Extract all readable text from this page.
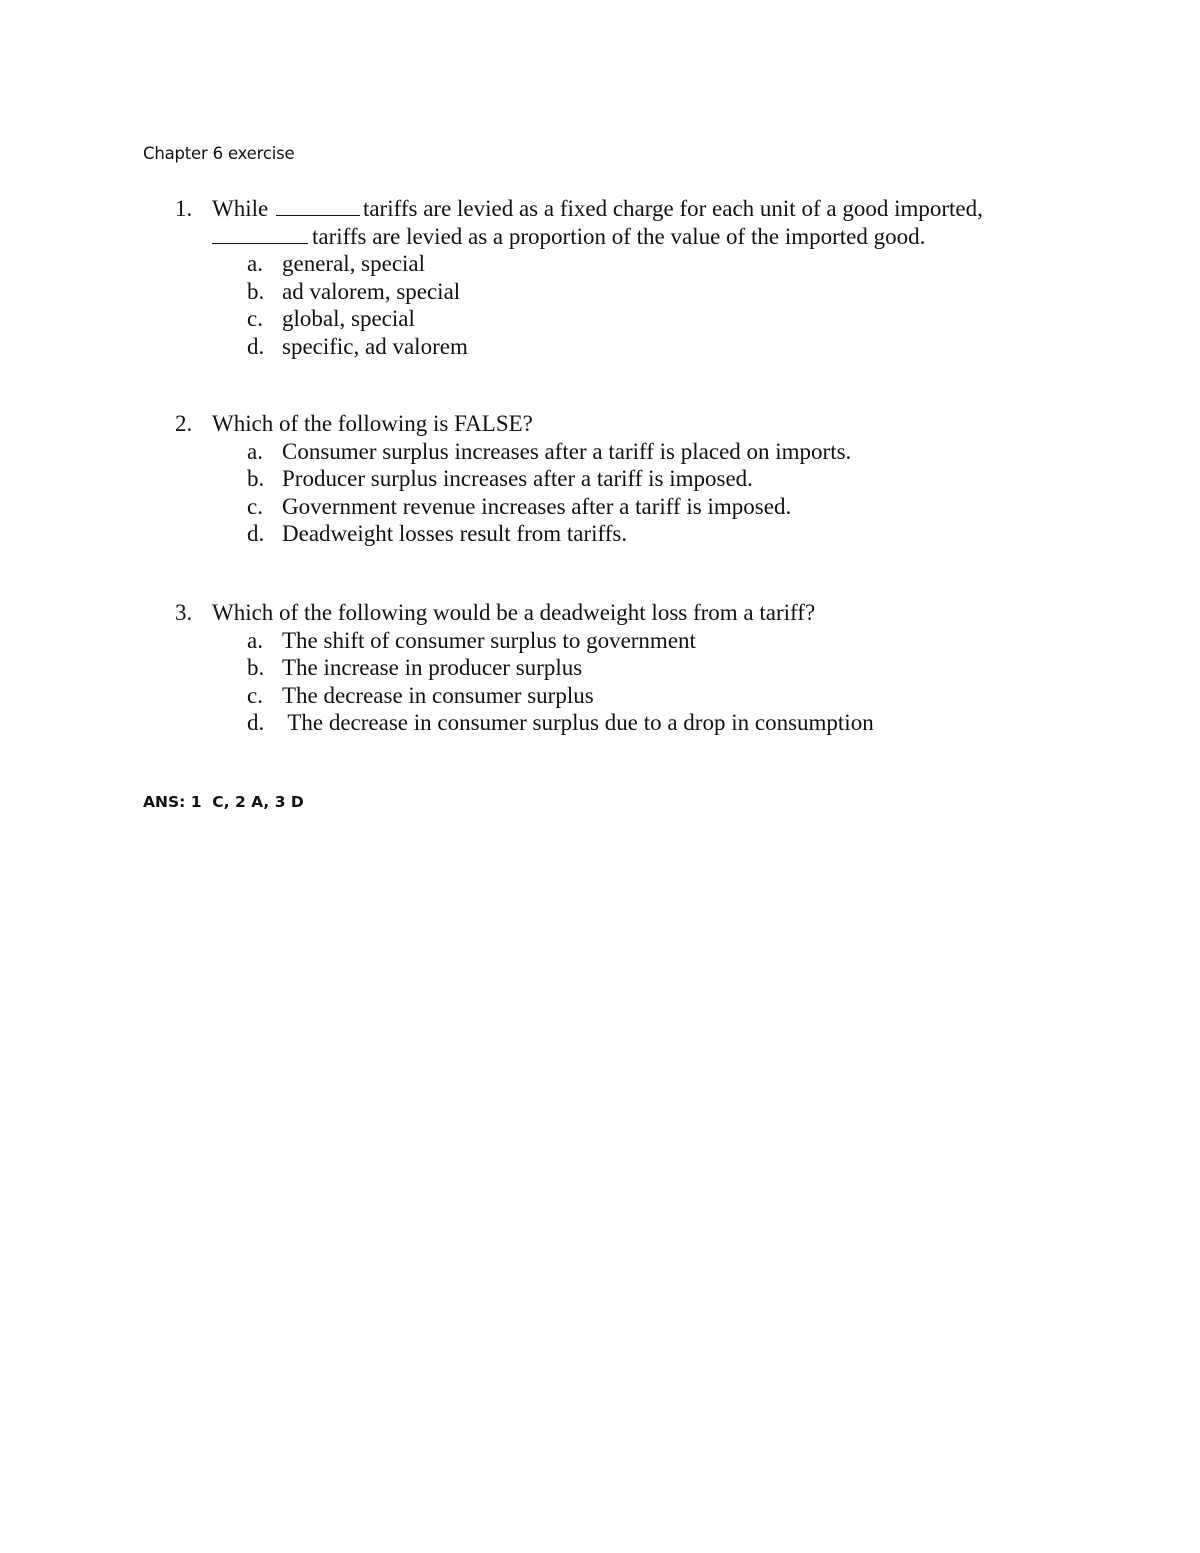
Chapter 6 exercise
1. While	tariffs are levied as a fixed charge for each unit of a good imported,
tariffs are levied as a proportion of the value of the imported good.
a. general, special
b. ad valorem, special
c. global, special
d. specific, ad valorem
2. Which of the following is FALSE?
a. Consumer surplus increases after a tariff is placed on imports.
b. Producer surplus increases after a tariff is imposed.
c. Government revenue increases after a tariff is imposed.
d. Deadweight losses result from tariffs.
3. Which of the following would be a deadweight loss from a tariff?
a. The shift of consumer surplus to government
b. The increase in producer surplus
c. The decrease in consumer surplus
d. The decrease in consumer surplus due to a drop in consumption
ANS: 1  C, 2 A, 3 D
